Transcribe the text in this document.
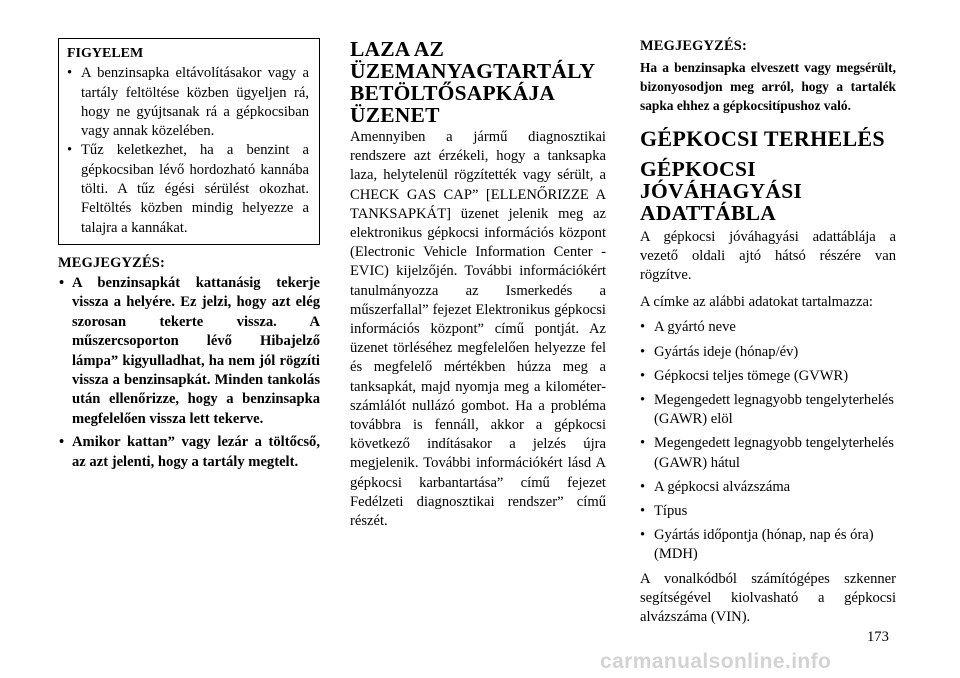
FIGYELEM
• A benzinsapka eltávolításakor vagy a tartály feltöltése közben ügyeljen rá, hogy ne gyújtsanak rá a gépkocsiban vagy annak közelében.
• Tűz keletkezhet, ha a benzint a gépkocsiban lévő hordozható kannába tölti. A tűz égési sérülést okozhat. Feltöltés közben mindig helyezze a talajra a kannákat.
MEGJEGYZÉS:
• A benzinsapkát kattanásig tekerje vissza a helyére. Ez jelzi, hogy azt elég szorosan tekerte vissza. A műszercsoporton lévő Hibajelző lámpa” kigyulladhat, ha nem jól rögzíti vissza a benzinsapkát. Minden tankolás után ellenőrizze, hogy a benzinsapka megfelelően vissza lett tekerve.
• Amikor kattan” vagy lezár a töltőcső, az azt jelenti, hogy a tartály megtelt.
LAZA AZ ÜZEMANYAGTARTÁLY BETÖLTŐSAPKÁJA ÜZENET

Amennyiben a jármű diagnosztikai rendszere azt érzékeli, hogy a tanksapka laza, helytelenül rögzítették vagy sérült, a CHECK GAS CAP” [ELLENŐRIZZE A TANKSAPKÁT] üzenet jelenik meg az elektronikus gépkocsi információs központ (Electronic Vehicle Information Center - EVIC) kijelzőjén. További információkért tanulmányozza az Ismerkedés a műszerfallal” fejezet Elektronikus gépkocsi információs központ” című pontját. Az üzenet törléséhez megfelelően helyezze fel és megfelelő mértékben húzza meg a tanksapkát, majd nyomja meg a kilométer-számlálót nullázó gombot. Ha a probléma továbbra is fennáll, akkor a gépkocsi következő indításakor a jelzés újra megjelenik. További információkért lásd A gépkocsi karbantartása” című fejezet Fedélzeti diagnosztikai rendszer” című részét.

MEGJEGYZÉS:

Ha a benzinsapka elveszett vagy megsérült, bizonyosodjon meg arról, hogy a tartalék sapka ehhez a gépkocsitípushoz való.

GÉPKOCSI TERHELÉS
GÉPKOCSI JÓVÁHAGYÁSI ADATTÁBLA

A gépkocsi jóváhagyási adattáblája a vezető oldali ajtó hátsó részére van rögzítve.

A címke az alábbi adatokat tartalmazza:

• A gyártó neve
• Gyártás ideje (hónap/év)
• Gépkocsi teljes tömege (GVWR)
• Megengedett legnagyobb tengelyterhelés (GAWR) elöl
• Megengedett legnagyobb tengelyterhelés (GAWR) hátul
• A gépkocsi alvázszáma
• Típus
• Gyártás időpontja (hónap, nap és óra) (MDH)

A vonalkódból számítógépes szkenner segítségével kiolvasható a gépkocsi alvázszáma (VIN).

173
carmanualsonline.info
